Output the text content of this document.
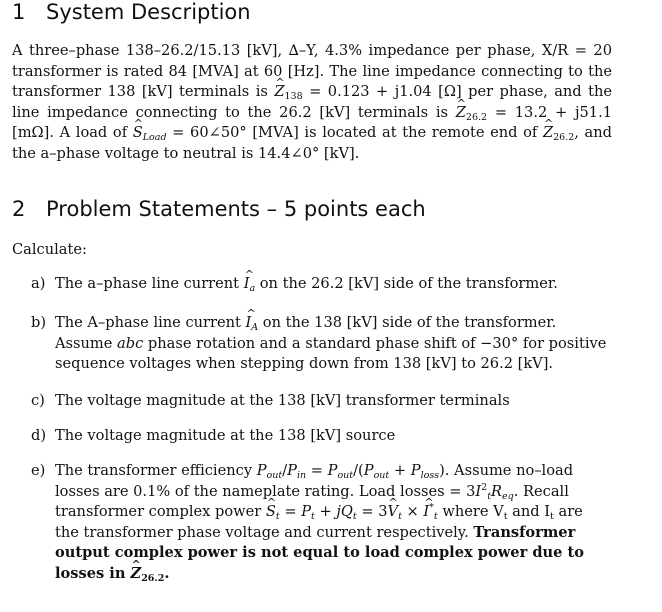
1 System Description
A three–phase 138–26.2/15.13 [kV], ∆–Y, 4.3% impedance per phase, X/R = 20 transformer is rated 84 [MVA] at 60 [Hz]. The line impedance connecting to the transformer 138 [kV] terminals is ^ $Z_{138} = 0.123 + j1.04$ [Ω] per phase, and the line impedance connecting to the 26.2 [kV] terminals is ^ $Z_{26.2} = 13.2 + j51.1$ [mΩ]. A load of ^ $S_{Load}$ = 60∠50° [MVA] is located at the remote end of ^ $Z_{26.2}$, and the a–phase voltage to neutral is 14.4∠0° [kV].
2 Problem Statements – 5 points each
Calculate:
a) The a–phase line current ^ $I_a$ on the 26.2 [kV] side of the transformer.
b) The A–phase line current ^ $I_A$ on the 138 [kV] side of the transformer. Assume abc phase rotation and a standard phase shift of −30° for positive sequence voltages when stepping down from 138 [kV] to 26.2 [kV].
c) The voltage magnitude at the 138 [kV] transformer terminals
d) The voltage magnitude at the 138 [kV] source
e) The transformer efficiency $P_{out}/P_{in} = P_{out}/(P_{out} + P_{loss})$. Assume no–load losses are 0.1% of the nameplate rating. Load losses = $3I^2_tR_{eq}$. Recall transformer complex power ^ $S_t = P_t + jQ_t$ = 3^ $V_t$ × ^ $I^*_t$ where $V_t$ and $I_t$ are the transformer phase voltage and current respectively. Transformer output complex power is not equal to load complex power due to losses in ^ $Z_{26.2}$.
